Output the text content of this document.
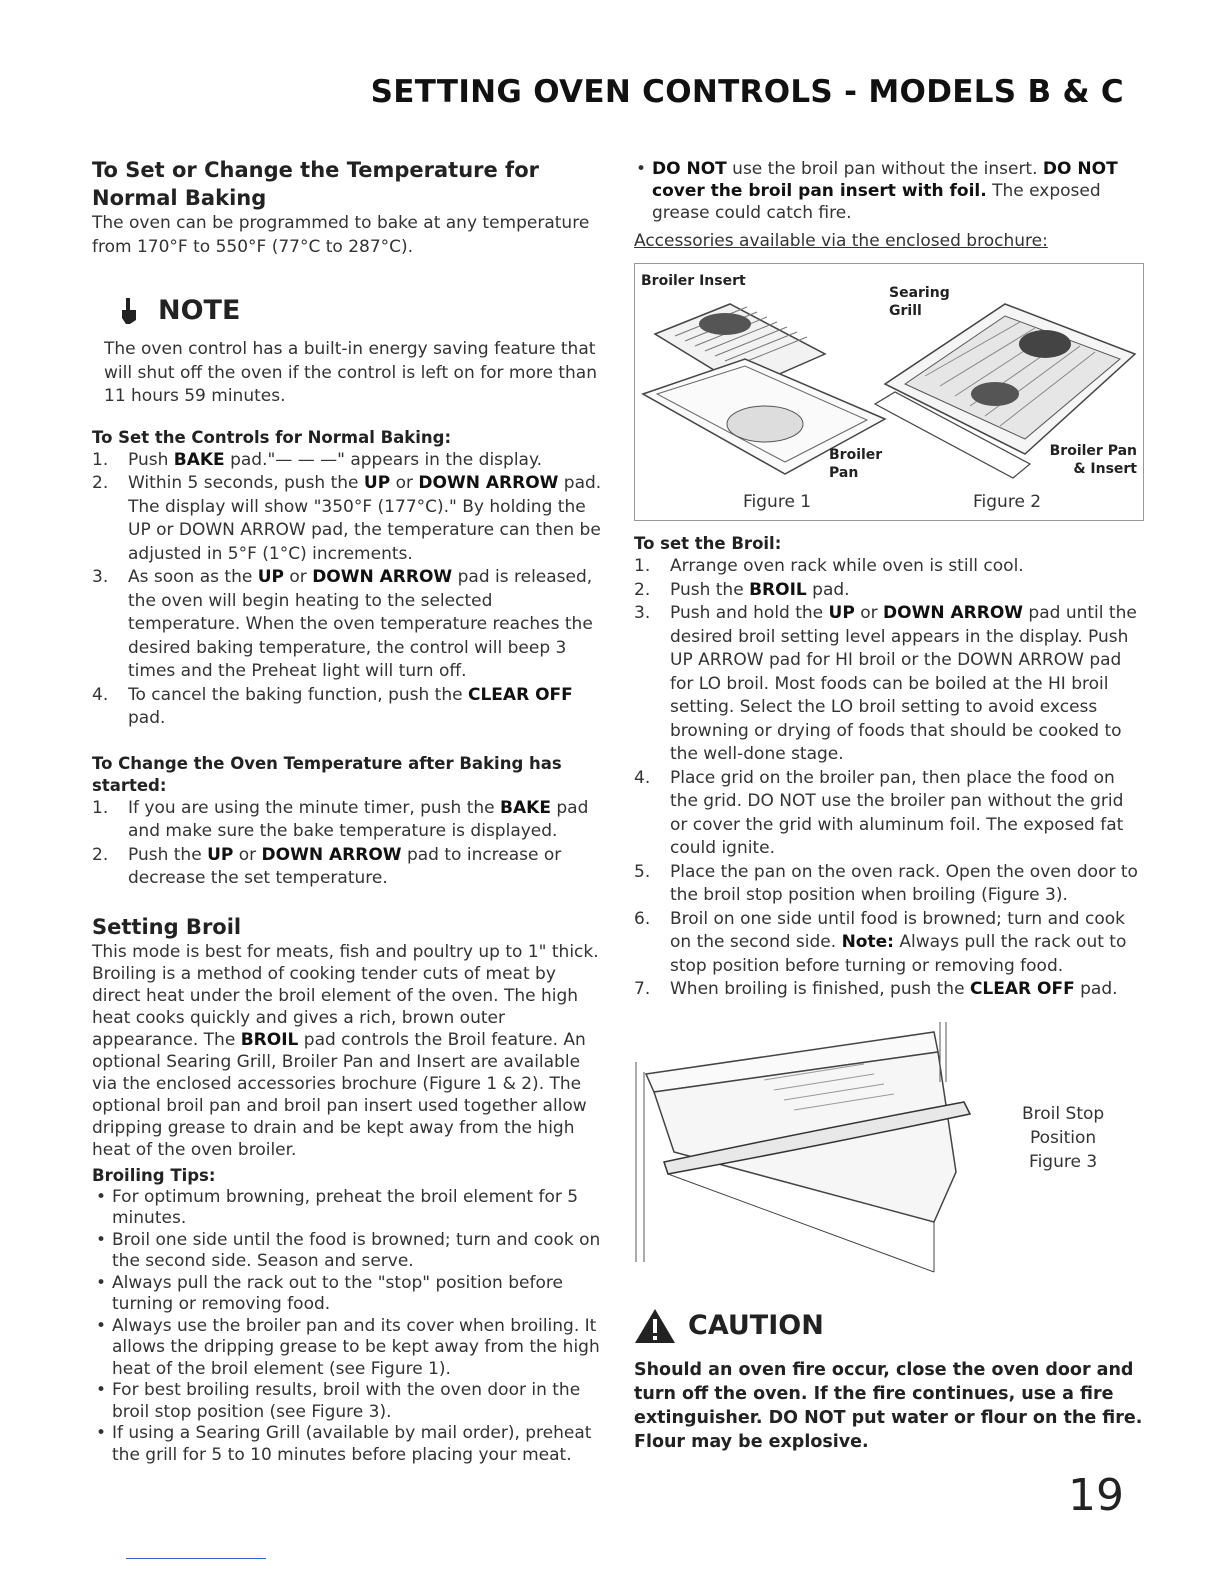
SETTING OVEN CONTROLS - MODELS B & C
To Set or Change the Temperature for Normal Baking

The oven can be programmed to bake at any temperature from 170°F to 550°F (77°C to 287°C).

NOTE

The oven control has a built-in energy saving feature that will shut off the oven if the control is left on for more than 11 hours 59 minutes.

To Set the Controls for Normal Baking:
1. Push BAKE pad."— — —" appears in the display.
2. Within 5 seconds, push the UP or DOWN ARROW pad. The display will show "350°F (177°C)." By holding the UP or DOWN ARROW pad, the temperature can then be adjusted in 5°F (1°C) increments.
3. As soon as the UP or DOWN ARROW pad is released, the oven will begin heating to the selected temperature. When the oven temperature reaches the desired baking temperature, the control will beep 3 times and the Preheat light will turn off.
4. To cancel the baking function, push the CLEAR OFF pad.
To Change the Oven Temperature after Baking has started:
1. If you are using the minute timer, push the BAKE pad and make sure the bake temperature is displayed.
2. Push the UP or DOWN ARROW pad to increase or decrease the set temperature.
Setting Broil

This mode is best for meats, fish and poultry up to 1" thick. Broiling is a method of cooking tender cuts of meat by direct heat under the broil element of the oven. The high heat cooks quickly and gives a rich, brown outer appearance. The BROIL pad controls the Broil feature. An optional Searing Grill, Broiler Pan and Insert are available via the enclosed accessories brochure (Figure 1 & 2). The optional broil pan and broil pan insert used together allow dripping grease to drain and be kept away from the high heat of the oven broiler.

Broiling Tips:
• For optimum browning, preheat the broil element for 5 minutes.
• Broil one side until the food is browned; turn and cook on the second side. Season and serve.
• Always pull the rack out to the "stop" position before turning or removing food.
• Always use the broiler pan and its cover when broiling. It allows the dripping grease to be kept away from the high heat of the broil element (see Figure 1).
• For best broiling results, broil with the oven door in the broil stop position (see Figure 3).
• If using a Searing Grill (available by mail order), preheat the grill for 5 to 10 minutes before placing your meat.

• DO NOT use the broil pan without the insert. DO NOT cover the broil pan insert with foil. The exposed grease could catch fire.

Accessories available via the enclosed brochure:
Broiler Insert
Searing Grill
Broiler Pan
Broiler Pan & Insert
Figure 1	Figure 2
To set the Broil:
1. Arrange oven rack while oven is still cool.
2. Push the BROIL pad.
3. Push and hold the UP or DOWN ARROW pad until the desired broil setting level appears in the display. Push UP ARROW pad for HI broil or the DOWN ARROW pad for LO broil. Most foods can be boiled at the HI broil setting. Select the LO broil setting to avoid excess browning or drying of foods that should be cooked to the well-done stage.
4. Place grid on the broiler pan, then place the food on the grid. DO NOT use the broiler pan without the grid or cover the grid with aluminum foil. The exposed fat could ignite.
5. Place the pan on the oven rack. Open the oven door to the broil stop position when broiling (Figure 3).
6. Broil on one side until food is browned; turn and cook on the second side. Note: Always pull the rack out to stop position before turning or removing food.
7. When broiling is finished, push the CLEAR OFF pad.
Broil Stop
Position
Figure 3
CAUTION
Should an oven fire occur, close the oven door and turn off the oven. If the fire continues, use a fire extinguisher. DO NOT put water or flour on the fire. Flour may be explosive.
19
